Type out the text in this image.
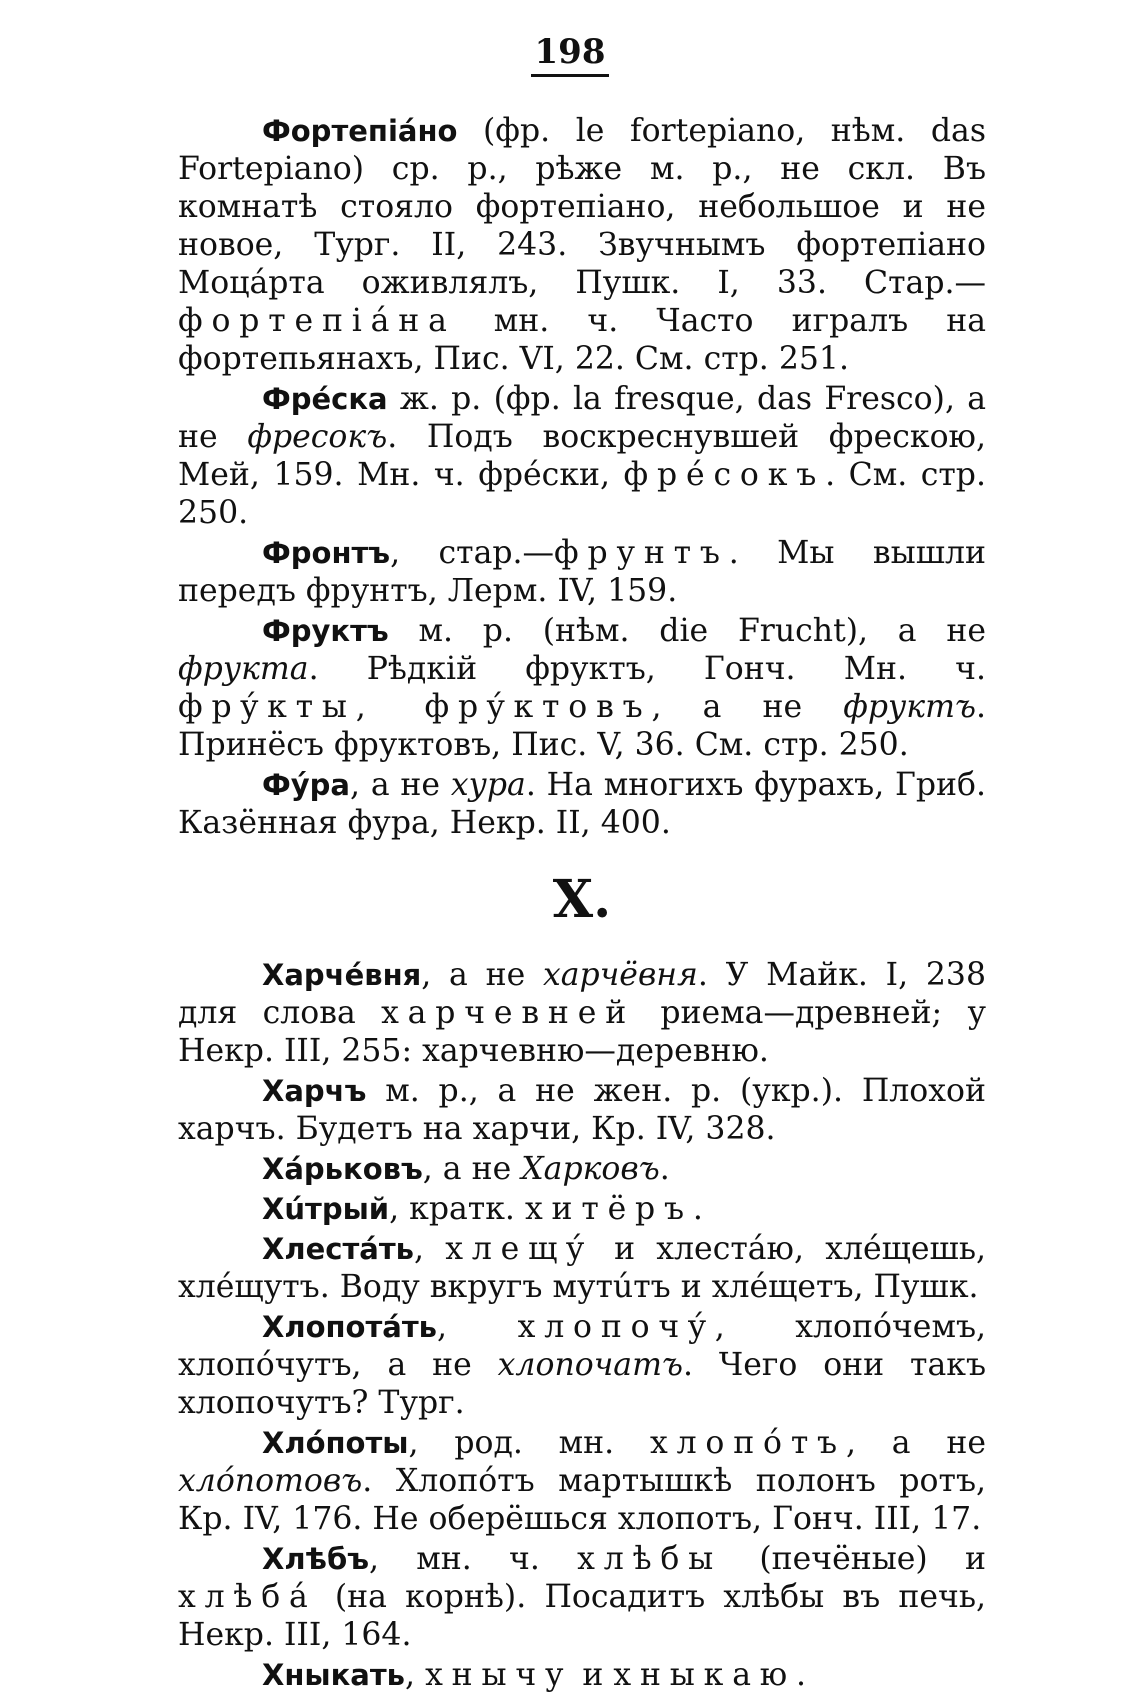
198

Фортепіáно (фр. le forteріano, нѣм. das Forteріano) ср. р., рѣже м. р., не скл. Въ комнатѣ стояло фортепіано, небольшое и не новое, Тург. II, 243. Звучнымъ фортепіано Моцáрта оживлялъ, Пушк. I, 33. Стар.—фортепіáна мн. ч. Часто игралъ на фортепьянахъ, Пис. VI, 22. См. стр. 251.

Фрéска ж. р. (фр. la fresque, das Fresco), а не фресокъ. Подъ воскреснувшей фрескою, Мей, 159. Мн. ч. фрéски, фрéсокъ. См. стр. 250.

Фронтъ, стар.—фрунтъ. Мы вышли передъ фрунтъ, Лерм. IV, 159.

Фруктъ м. р. (нѣм. die Frucht), а не фрукта. Рѣдкій фруктъ, Гонч. Мн. ч. фрýкты, фрýктовъ, а не фруктъ. Принёсъ фруктовъ, Пис. V, 36. См. стр. 250.

Фýра, а не хура. На многихъ фурахъ, Гриб. Казённая фура, Некр. II, 400.

Х.

Харчéвня, а не харчёвня. У Майк. I, 238 для слова харчевней риема—древней; у Некр. III, 255: харчевню—деревню.

Харчъ м. р., а не жен. р. (укр.). Плохой харчъ. Будетъ на харчи, Кр. IV, 328.

Хáрьковъ, а не Харковъ.

Хúтрый, кратк. хитёръ.

Хлестáть, хлещý и хлестáю, хлéщешь, хлéщутъ. Воду вкругъ мутúтъ и хлéщетъ, Пушк.

Хлопотáть, хлопочý, хлопóчемъ, хлопóчутъ, а не хлопочатъ. Чего они такъ хлопочутъ? Тург.

Хлóпоты, род. мн. хлопóтъ, а не хлóпотовъ. Хлопóтъ мартышкѣ полонъ ротъ, Кр. IV, 176. Не оберёшься хлопотъ, Гонч. III, 17.

Хлѣбъ, мн. ч. хлѣбы (печёные) и хлѣбá (на корнѣ). Посадитъ хлѣбы въ печь, Некр. III, 164.

Хныкать, хнычу и хныкаю.
